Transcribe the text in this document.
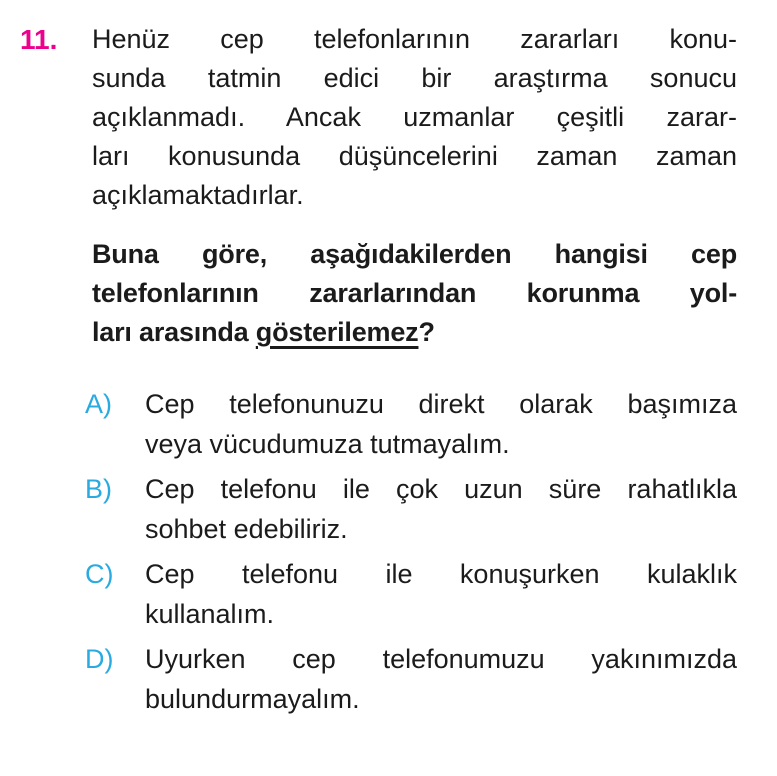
11.	Henüz cep telefonlarının zararları konu-
sunda tatmin edici bir araştırma sonucu
açıklanmadı. Ancak uzmanlar çeşitli zarar-
ları konusunda düşüncelerini zaman zaman
açıklamaktadırlar.
Buna göre, aşağıdakilerden hangisi cep
telefonlarının zararlarından korunma yol-
ları arasında gösterilemez?
A)	Cep telefonunuzu direkt olarak başımıza
veya vücudumuza tutmayalım.
B)	Cep telefonu ile çok uzun süre rahatlıkla
sohbet edebiliriz.
C)	Cep telefonu ile konuşurken kulaklık
kullanalım.
D)	Uyurken cep telefonumuzu yakınımızda
bulundurmayalım.
